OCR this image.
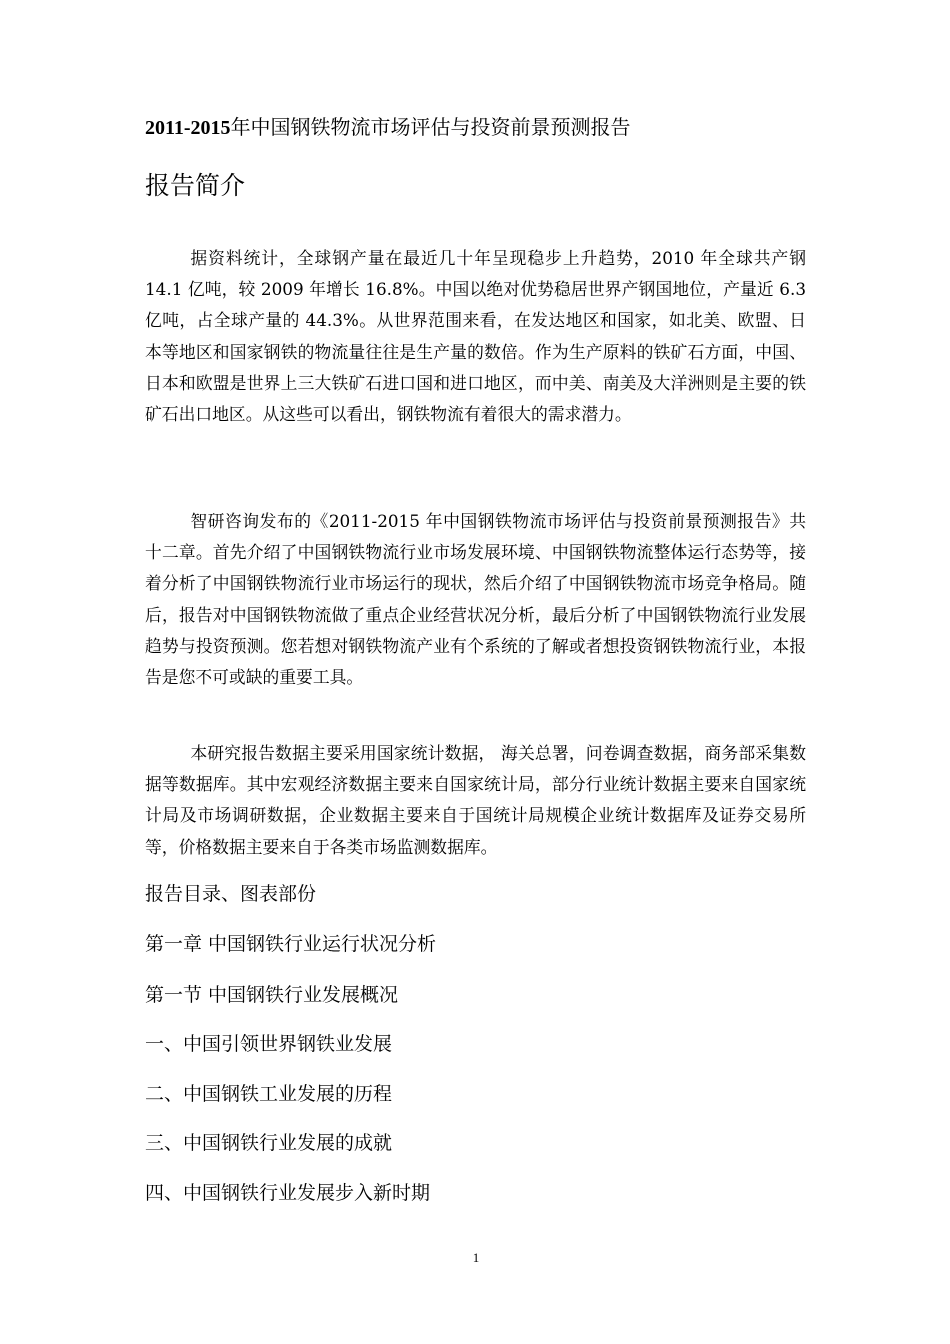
2011-2015年中国钢铁物流市场评估与投资前景预测报告
报告简介

据资料统计，全球钢产量在最近几十年呈现稳步上升趋势，2010 年全球共产钢 14.1 亿吨，较 2009 年增长 16.8%。中国以绝对优势稳居世界产钢国地位，产量近 6.3 亿吨，占全球产量的 44.3%。从世界范围来看，在发达地区和国家，如北美、欧盟、日本等地区和国家钢铁的物流量往往是生产量的数倍。作为生产原料的铁矿石方面，中国、日本和欧盟是世界上三大铁矿石进口国和进口地区，而中美、南美及大洋洲则是主要的铁矿石出口地区。从这些可以看出，钢铁物流有着很大的需求潜力。

智研咨询发布的《2011-2015 年中国钢铁物流市场评估与投资前景预测报告》共十二章。首先介绍了中国钢铁物流行业市场发展环境、中国钢铁物流整体运行态势等，接着分析了中国钢铁物流行业市场运行的现状，然后介绍了中国钢铁物流市场竞争格局。随后，报告对中国钢铁物流做了重点企业经营状况分析，最后分析了中国钢铁物流行业发展趋势与投资预测。您若想对钢铁物流产业有个系统的了解或者想投资钢铁物流行业，本报告是您不可或缺的重要工具。

本研究报告数据主要采用国家统计数据， 海关总署，问卷调查数据，商务部采集数据等数据库。其中宏观经济数据主要来自国家统计局，部分行业统计数据主要来自国家统计局及市场调研数据，企业数据主要来自于国统计局规模企业统计数据库及证券交易所等，价格数据主要来自于各类市场监测数据库。

报告目录、图表部份
第一章 中国钢铁行业运行状况分析
第一节 中国钢铁行业发展概况
一、中国引领世界钢铁业发展
二、中国钢铁工业发展的历程
三、中国钢铁行业发展的成就
四、中国钢铁行业发展步入新时期
1
